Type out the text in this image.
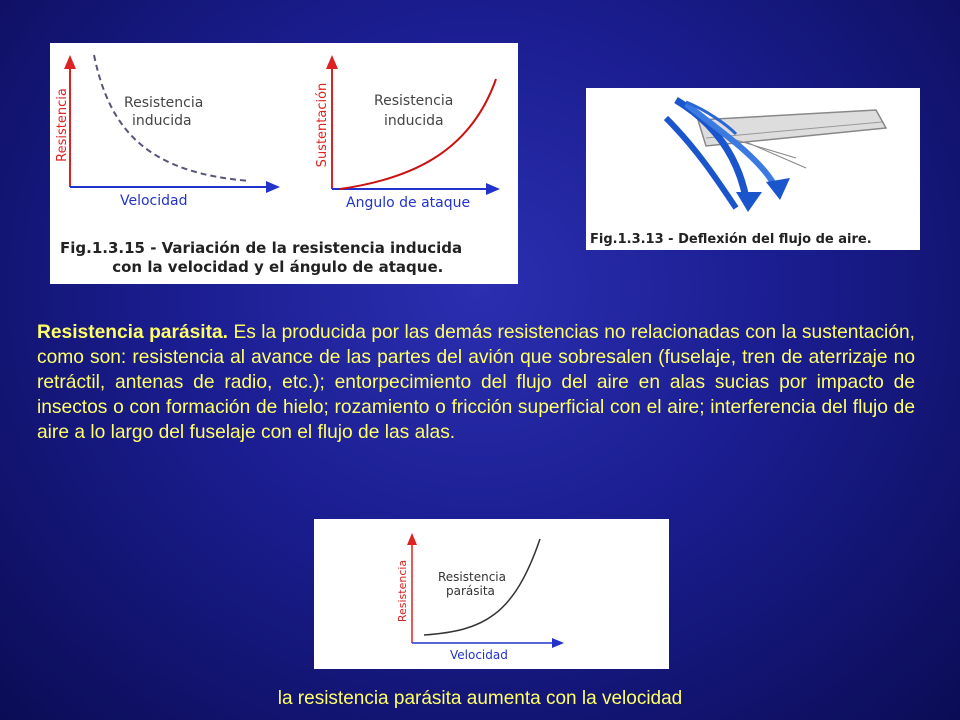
Resistencia
Velocidad
Resistencia
inducida	Sustentación
Angulo de ataque
Resistencia
inducida
Fig.1.3.15 - Variación de la resistencia inducida
con la velocidad y el ángulo de ataque.
Fig.1.3.13 - Deflexión del flujo de aire.
Resistencia parásita. Es la producida por las demás resistencias no relacionadas con la sustentación, como son: resistencia al avance de las partes del avión que sobresalen (fuselaje, tren de aterrizaje no retráctil, antenas de radio, etc.); entorpecimiento del flujo del aire en alas sucias por impacto de insectos o con formación de hielo; rozamiento o fricción superficial con el aire; interferencia del flujo de aire a lo largo del fuselaje con el flujo de las alas.
Resistencia
Velocidad
Resistencia
parásita
la resistencia parásita aumenta con la velocidad
